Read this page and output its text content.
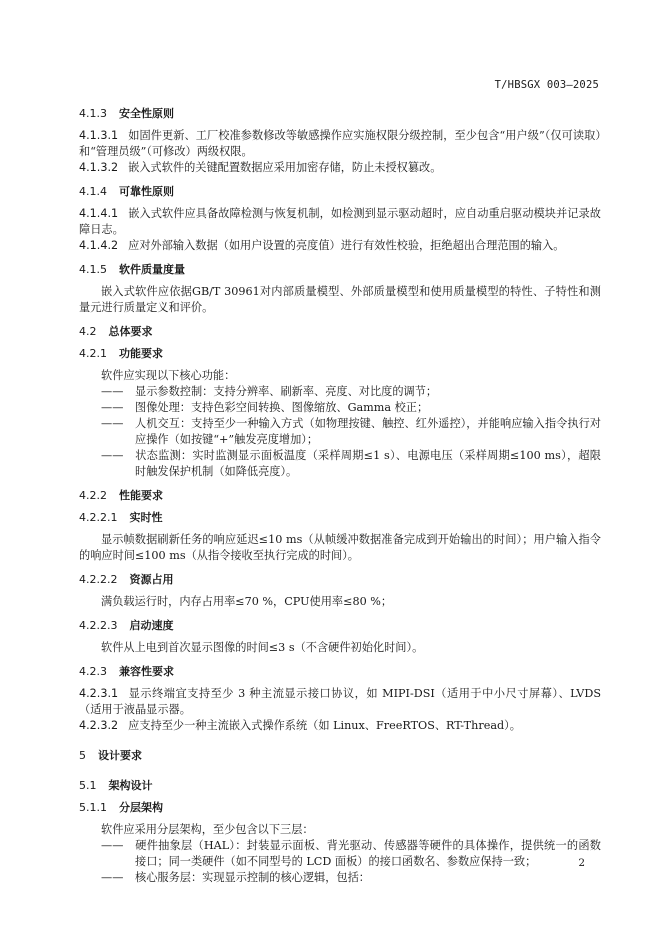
T/HBSGX 003—2025

4.1.3 安全性原则

4.1.3.1 如固件更新、工厂校准参数修改等敏感操作应实施权限分级控制，至少包含“用户级”（仅可读取）和“管理员级”（可修改）两级权限。

4.1.3.2 嵌入式软件的关键配置数据应采用加密存储，防止未授权篡改。

4.1.4 可靠性原则

4.1.4.1 嵌入式软件应具备故障检测与恢复机制，如检测到显示驱动超时，应自动重启驱动模块并记录故障日志。

4.1.4.2 应对外部输入数据（如用户设置的亮度值）进行有效性校验，拒绝超出合理范围的输入。

4.1.5 软件质量度量

嵌入式软件应依据GB/T 30961对内部质量模型、外部质量模型和使用质量模型的特性、子特性和测量元进行质量定义和评价。

4.2 总体要求

4.2.1 功能要求

软件应实现以下核心功能：

—— 显示参数控制：支持分辨率、刷新率、亮度、对比度的调节；

—— 图像处理：支持色彩空间转换、图像缩放、Gamma 校正；

—— 人机交互：支持至少一种输入方式（如物理按键、触控、红外遥控），并能响应输入指令执行对应操作（如按键“+”触发亮度增加）；

—— 状态监测：实时监测显示面板温度（采样周期≤1 s）、电源电压（采样周期≤100 ms），超限时触发保护机制（如降低亮度）。

4.2.2 性能要求

4.2.2.1 实时性

显示帧数据刷新任务的响应延迟≤10 ms（从帧缓冲数据准备完成到开始输出的时间）；用户输入指令的响应时间≤100 ms（从指令接收至执行完成的时间）。

4.2.2.2 资源占用

满负载运行时，内存占用率≤70 %，CPU使用率≤80 %；

4.2.2.3 启动速度

软件从上电到首次显示图像的时间≤3 s（不含硬件初始化时间）。

4.2.3 兼容性要求

4.2.3.1 显示终端宜支持至少 3 种主流显示接口协议，如 MIPI-DSI（适用于中小尺寸屏幕）、LVDS（适用于液晶显示器。

4.2.3.2 应支持至少一种主流嵌入式操作系统（如 Linux、FreeRTOS、RT-Thread）。

5 设计要求

5.1 架构设计

5.1.1 分层架构

软件应采用分层架构，至少包含以下三层：

—— 硬件抽象层（HAL）：封装显示面板、背光驱动、传感器等硬件的具体操作，提供统一的函数接口；同一类硬件（如不同型号的 LCD 面板）的接口函数名、参数应保持一致；

—— 核心服务层：实现显示控制的核心逻辑，包括：

2
